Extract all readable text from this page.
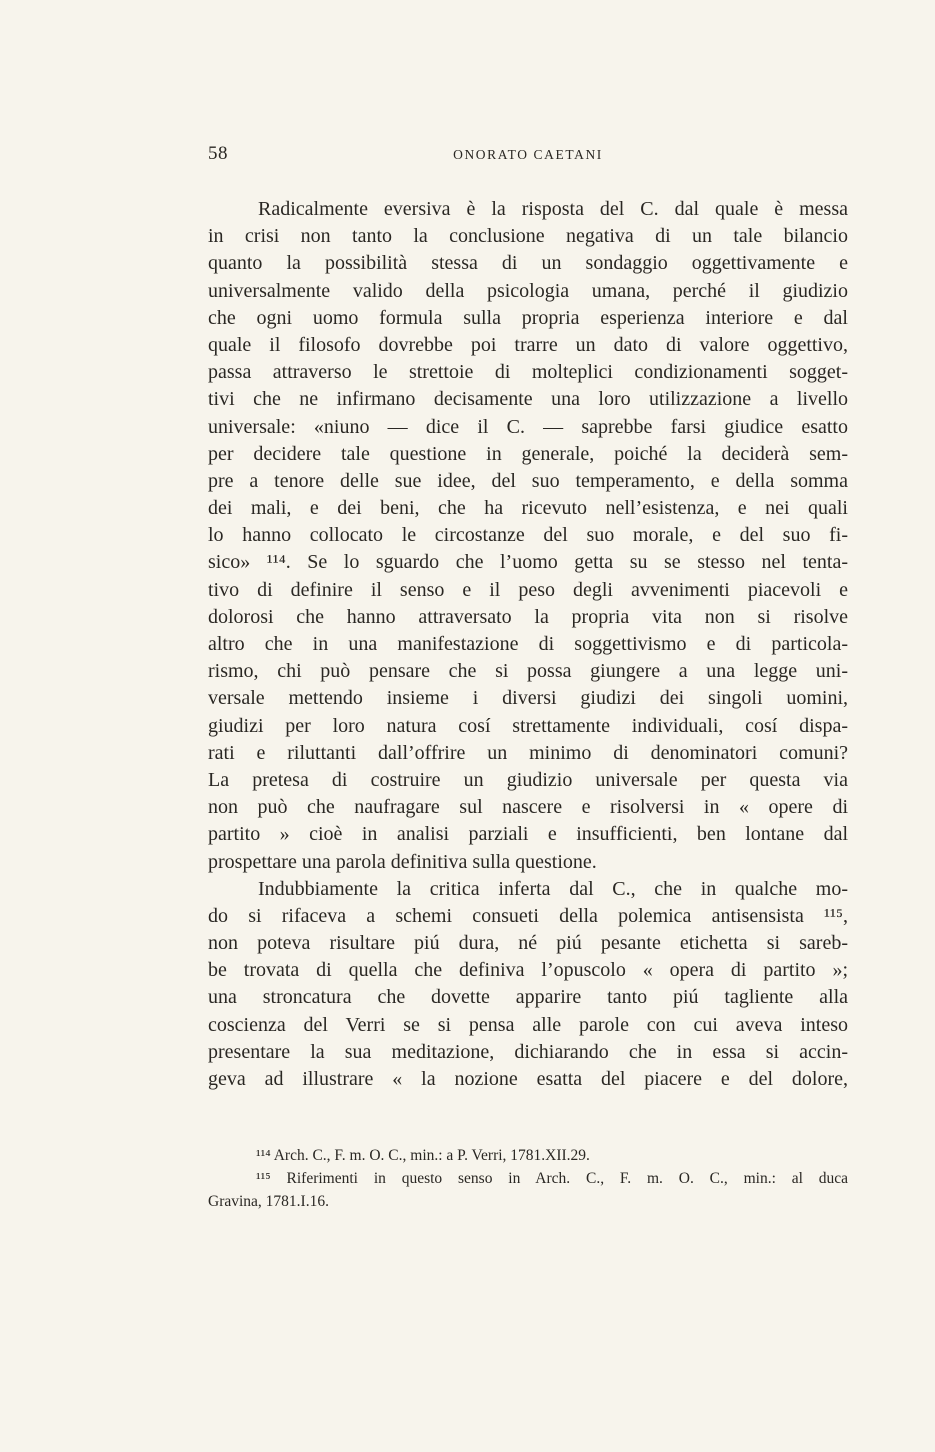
58	ONORATO CAETANI
Radicalmente eversiva è la risposta del C. dal quale è messa
in crisi non tanto la conclusione negativa di un tale bilancio
quanto la possibilità stessa di un sondaggio oggettivamente e
universalmente valido della psicologia umana, perché il giudizio
che ogni uomo formula sulla propria esperienza interiore e dal
quale il filosofo dovrebbe poi trarre un dato di valore oggettivo,
passa attraverso le strettoie di molteplici condizionamenti sogget-
tivi che ne infirmano decisamente una loro utilizzazione a livello
universale: «niuno — dice il C. — saprebbe farsi giudice esatto
per decidere tale questione in generale, poiché la deciderà sem-
pre a tenore delle sue idee, del suo temperamento, e della somma
dei mali, e dei beni, che ha ricevuto nell’esistenza, e nei quali
lo hanno collocato le circostanze del suo morale, e del suo fi-
sico» ¹¹⁴. Se lo sguardo che l’uomo getta su se stesso nel tenta-
tivo di definire il senso e il peso degli avvenimenti piacevoli e
dolorosi che hanno attraversato la propria vita non si risolve
altro che in una manifestazione di soggettivismo e di particola-
rismo, chi può pensare che si possa giungere a una legge uni-
versale mettendo insieme i diversi giudizi dei singoli uomini,
giudizi per loro natura cosí strettamente individuali, cosí dispa-
rati e riluttanti dall’offrire un minimo di denominatori comuni?
La pretesa di costruire un giudizio universale per questa via
non può che naufragare sul nascere e risolversi in « opere di
partito » cioè in analisi parziali e insufficienti, ben lontane dal
prospettare una parola definitiva sulla questione.
Indubbiamente la critica inferta dal C., che in qualche mo-
do si rifaceva a schemi consueti della polemica antisensista ¹¹⁵,
non poteva risultare piú dura, né piú pesante etichetta si sareb-
be trovata di quella che definiva l’opuscolo « opera di partito »;
una stroncatura che dovette apparire tanto piú tagliente alla
coscienza del Verri se si pensa alle parole con cui aveva inteso
presentare la sua meditazione, dichiarando che in essa si accin-
geva ad illustrare « la nozione esatta del piacere e del dolore,
¹¹⁴ Arch. C., F. m. O. C., min.: a P. Verri, 1781.XII.29.
¹¹⁵ Riferimenti in questo senso in Arch. C., F. m. O. C., min.: al duca
Gravina, 1781.I.16.
